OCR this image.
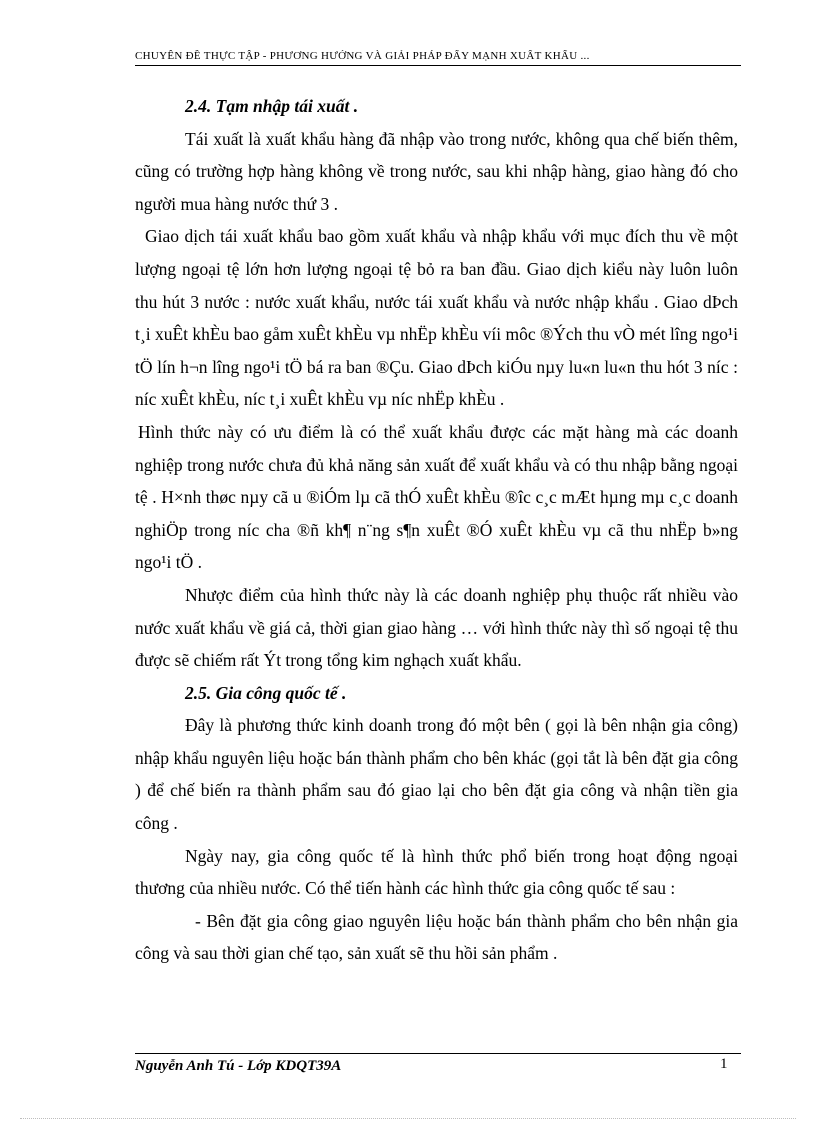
CHUYÊN ĐỀ THỰC TẬP - PHƯƠNG HƯỚNG VÀ GIẢI PHÁP ĐẨY MẠNH XUẤT KHẨU ...

2.4. Tạm nhập tái xuất .

Tái xuất là xuất khẩu hàng đã nhập vào trong nước, không qua chế biến thêm, cũng có trường hợp hàng không về trong nước, sau khi nhập hàng, giao hàng đó cho người mua hàng nước thứ 3 .

Giao dịch tái xuất khẩu bao gồm xuất khẩu và nhập khẩu với mục đích thu về một lượng ngoại tệ lớn hơn lượng ngoại tệ bỏ ra ban đầu. Giao dịch kiểu này luôn luôn thu hút 3 nước : nước xuất khẩu, nước tái xuất khẩu và nước nhập khẩu . Giao dÞch t¸i xuÊt khÈu bao gåm xuÊt khÈu vµ nhËp khÈu víi môc ®Ých thu vÒ mét lîng ngo¹i tÖ lín h¬n lîng ngo¹i tÖ bá ra ban ®Çu. Giao dÞch kiÓu nµy lu«n lu«n thu hót 3 níc : níc xuÊt khÈu, níc t¸i xuÊt khÈu vµ níc nhËp khÈu .

Hình thức này có ưu điểm là có thể xuất khẩu được các mặt hàng mà các doanh nghiệp trong nước chưa đủ khả năng sản xuất để xuất khẩu và có thu nhập bằng ngoại tệ . H×nh thøc nµy cã u ®iÓm lµ cã thÓ xuÊt khÈu ®îc c¸c mÆt hµng mµ c¸c doanh nghiÖp trong níc cha ®ñ kh¶ n¨ng s¶n xuÊt ®Ó xuÊt khÈu vµ cã thu nhËp b»ng ngo¹i tÖ .

Nhược điểm của hình thức này là các doanh nghiệp phụ thuộc rất nhiều vào nước xuất khẩu về giá cả, thời gian giao hàng … với hình thức này thì số ngoại tệ thu được sẽ chiếm rất Ýt trong tổng kim nghạch xuất khẩu.

2.5. Gia công quốc tế .

Đây là phương thức kinh doanh trong đó một bên ( gọi là bên nhận gia công) nhập khẩu nguyên liệu hoặc bán thành phẩm cho bên khác (gọi tắt là bên đặt gia công ) để chế biến ra thành phẩm sau đó giao lại cho bên đặt gia công và nhận tiền gia công .

Ngày nay, gia công quốc tế là hình thức phổ biến trong hoạt động ngoại thương của nhiều nước. Có thể tiến hành các hình thức gia công quốc tế sau :

- Bên đặt gia công giao nguyên liệu hoặc bán thành phẩm cho bên nhận gia công và sau thời gian chế tạo, sản xuất sẽ thu hồi sản phẩm .

Nguyễn Anh Tú - Lớp KDQT39A	1
